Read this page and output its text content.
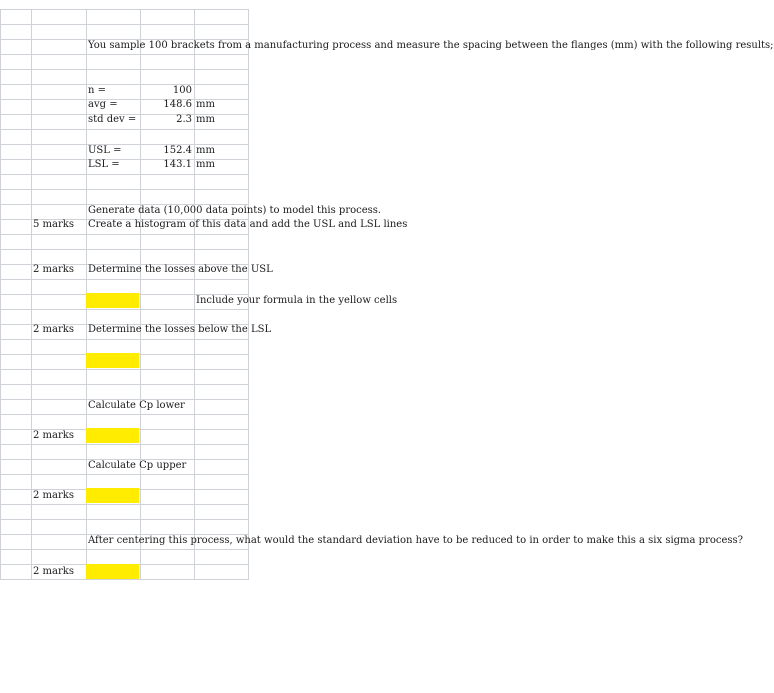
You sample 100 brackets from a manufacturing process and measure the spacing between the flanges (mm) with the following results;
n =	100
avg =	148.6 mm
std dev =	2.3 mm
USL =	152.4 mm
LSL =	143.1 mm
Generate data (10,000 data points) to model this process.
5 marks Create a histogram of this data and add the USL and LSL lines
2 marks Determine the losses above the USL
Include your formula in the yellow cells
2 marks Determine the losses below the LSL
Calculate Cp lower
2 marks
Calculate Cp upper
2 marks
After centering this process, what would the standard deviation have to be reduced to in order to make this a six sigma process?
2 marks
